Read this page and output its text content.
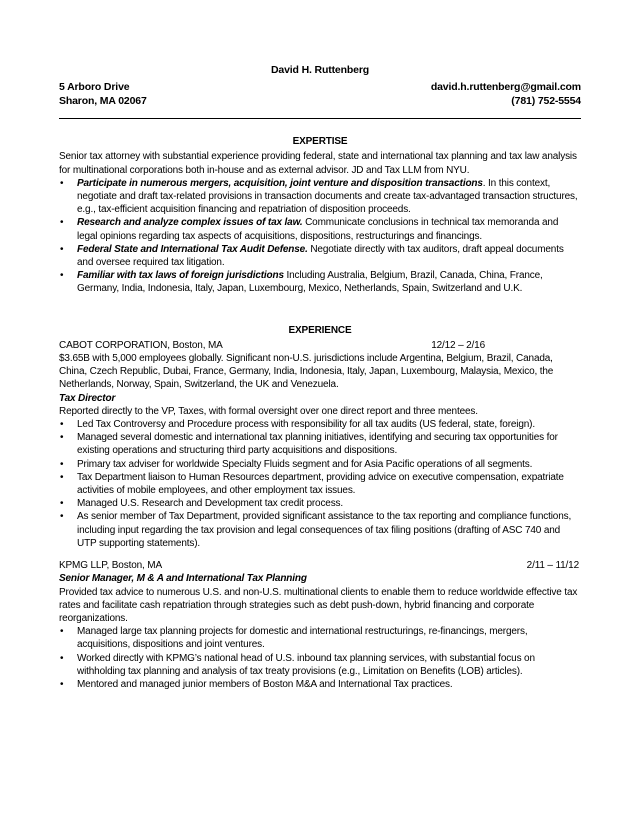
David H. Ruttenberg
5 Arboro Drive	david.h.ruttenberg@gmail.com
Sharon, MA 02067	(781) 752-5554
EXPERTISE

Senior tax attorney with substantial experience providing federal, state and international tax planning and tax law analysis for multinational corporations both in-house and as external advisor. JD and Tax LLM from NYU.

• Participate in numerous mergers, acquisition, joint venture and disposition transactions. In this context, negotiate and draft tax-related provisions in transaction documents and create tax-advantaged transaction structures, e.g., tax-efficient acquisition financing and repatriation of disposition proceeds.
• Research and analyze complex issues of tax law. Communicate conclusions in technical tax memoranda and legal opinions regarding tax aspects of acquisitions, dispositions, restructurings and financings.
• Federal State and International Tax Audit Defense. Negotiate directly with tax auditors, draft appeal documents and oversee required tax litigation.
• Familiar with tax laws of foreign jurisdictions Including Australia, Belgium, Brazil, Canada, China, France, Germany, India, Indonesia, Italy, Japan, Luxembourg, Mexico, Netherlands, Spain, Switzerland and U.K.
EXPERIENCE
CABOT CORPORATION, Boston, MA	12/12 – 2/16

$3.65B with 5,000 employees globally. Significant non-U.S. jurisdictions include Argentina, Belgium, Brazil, Canada, China, Czech Republic, Dubai, France, Germany, India, Indonesia, Italy, Japan, Luxembourg, Malaysia, Mexico, the Netherlands, Norway, Spain, Switzerland, the UK and Venezuela.

Tax Director

Reported directly to the VP, Taxes, with formal oversight over one direct report and three mentees.

• Led Tax Controversy and Procedure process with responsibility for all tax audits (US federal, state, foreign).
• Managed several domestic and international tax planning initiatives, identifying and securing tax opportunities for existing operations and structuring third party acquisitions and dispositions.
• Primary tax adviser for worldwide Specialty Fluids segment and for Asia Pacific operations of all segments.
• Tax Department liaison to Human Resources department, providing advice on executive compensation, expatriate activities of mobile employees, and other employment tax issues.
• Managed U.S. Research and Development tax credit process.
• As senior member of Tax Department, provided significant assistance to the tax reporting and compliance functions, including input regarding the tax provision and legal consequences of tax filing positions (drafting of ASC 740 and UTP supporting statements).
KPMG LLP, Boston, MA	2/11 – 11/12
Senior Manager, M & A and International Tax Planning

Provided tax advice to numerous U.S. and non-U.S. multinational clients to enable them to reduce worldwide effective tax rates and facilitate cash repatriation through strategies such as debt push-down, hybrid financing and corporate reorganizations.

• Managed large tax planning projects for domestic and international restructurings, re-financings, mergers, acquisitions, dispositions and joint ventures.
• Worked directly with KPMG’s national head of U.S. inbound tax planning services, with substantial focus on withholding tax planning and analysis of tax treaty provisions (e.g., Limitation on Benefits (LOB) articles).
• Mentored and managed junior members of Boston M&A and International Tax practices.
